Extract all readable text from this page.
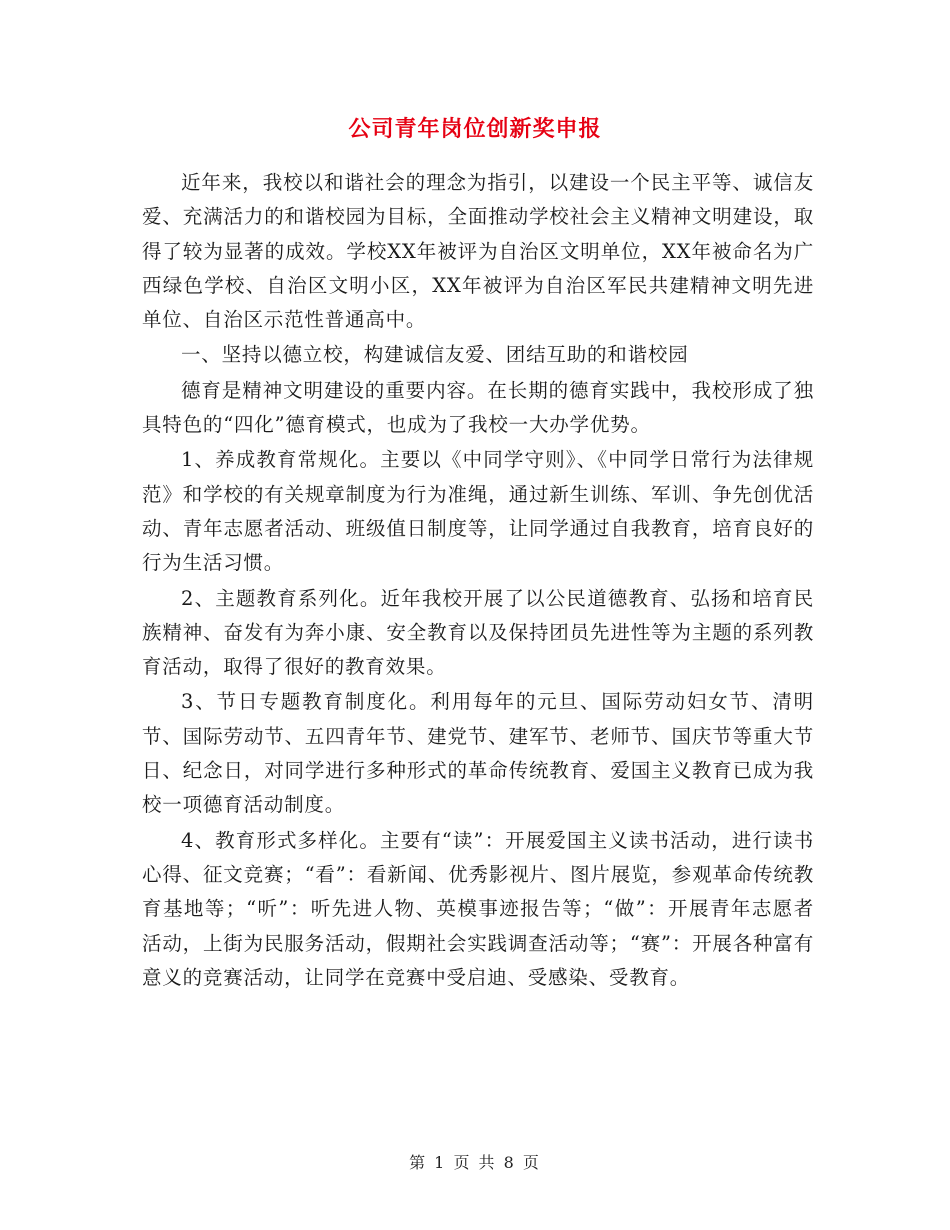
公司青年岗位创新奖申报

近年来，我校以和谐社会的理念为指引，以建设一个民主平等、诚信友爱、充满活力的和谐校园为目标，全面推动学校社会主义精神文明建设，取得了较为显著的成效。学校XX年被评为自治区文明单位，XX年被命名为广西绿色学校、自治区文明小区，XX年被评为自治区军民共建精神文明先进单位、自治区示范性普通高中。

一、坚持以德立校，构建诚信友爱、团结互助的和谐校园

德育是精神文明建设的重要内容。在长期的德育实践中，我校形成了独具特色的“四化”德育模式，也成为了我校一大办学优势。

1、养成教育常规化。主要以《中同学守则》、《中同学日常行为法律规范》和学校的有关规章制度为行为准绳，通过新生训练、军训、争先创优活动、青年志愿者活动、班级值日制度等，让同学通过自我教育，培育良好的行为生活习惯。

2、主题教育系列化。近年我校开展了以公民道德教育、弘扬和培育民族精神、奋发有为奔小康、安全教育以及保持团员先进性等为主题的系列教育活动，取得了很好的教育效果。

3、节日专题教育制度化。利用每年的元旦、国际劳动妇女节、清明节、国际劳动节、五四青年节、建党节、建军节、老师节、国庆节等重大节日、纪念日，对同学进行多种形式的革命传统教育、爱国主义教育已成为我校一项德育活动制度。

4、教育形式多样化。主要有“读”：开展爱国主义读书活动，进行读书心得、征文竞赛；“看”：看新闻、优秀影视片、图片展览，参观革命传统教育基地等；“听”：听先进人物、英模事迹报告等；“做”：开展青年志愿者活动，上街为民服务活动，假期社会实践调查活动等；“赛”：开展各种富有意义的竞赛活动，让同学在竞赛中受启迪、受感染、受教育。

第 1 页 共 8 页
